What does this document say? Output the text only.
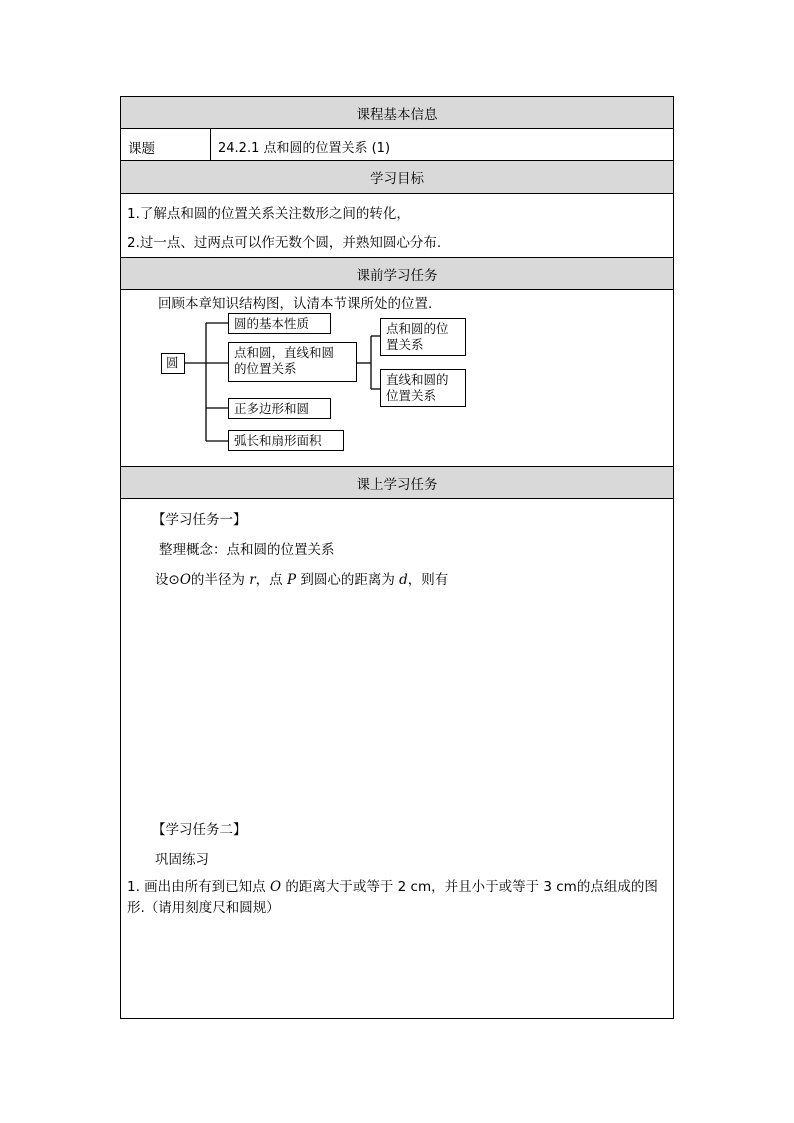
课程基本信息
课题	24.2.1 点和圆的位置关系 (1)
学习目标
1.了解点和圆的位置关系关注数形之间的转化，
2.过一点、过两点可以作无数个圆，并熟知圆心分布.
课前学习任务
回顾本章知识结构图，认清本节课所处的位置.
圆
圆的基本性质
点和圆，直线和圆
的位置关系
点和圆的位
置关系
直线和圆的
位置关系
正多边形和圆
弧长和扇形面积
课上学习任务
【学习任务一】
整理概念：点和圆的位置关系
设⊙O的半径为 r，点 P 到圆心的距离为 d，则有
【学习任务二】
巩固练习
1. 画出由所有到已知点 O 的距离大于或等于 2 cm，并且小于或等于 3 cm的点组成的图
形.（请用刻度尺和圆规）
